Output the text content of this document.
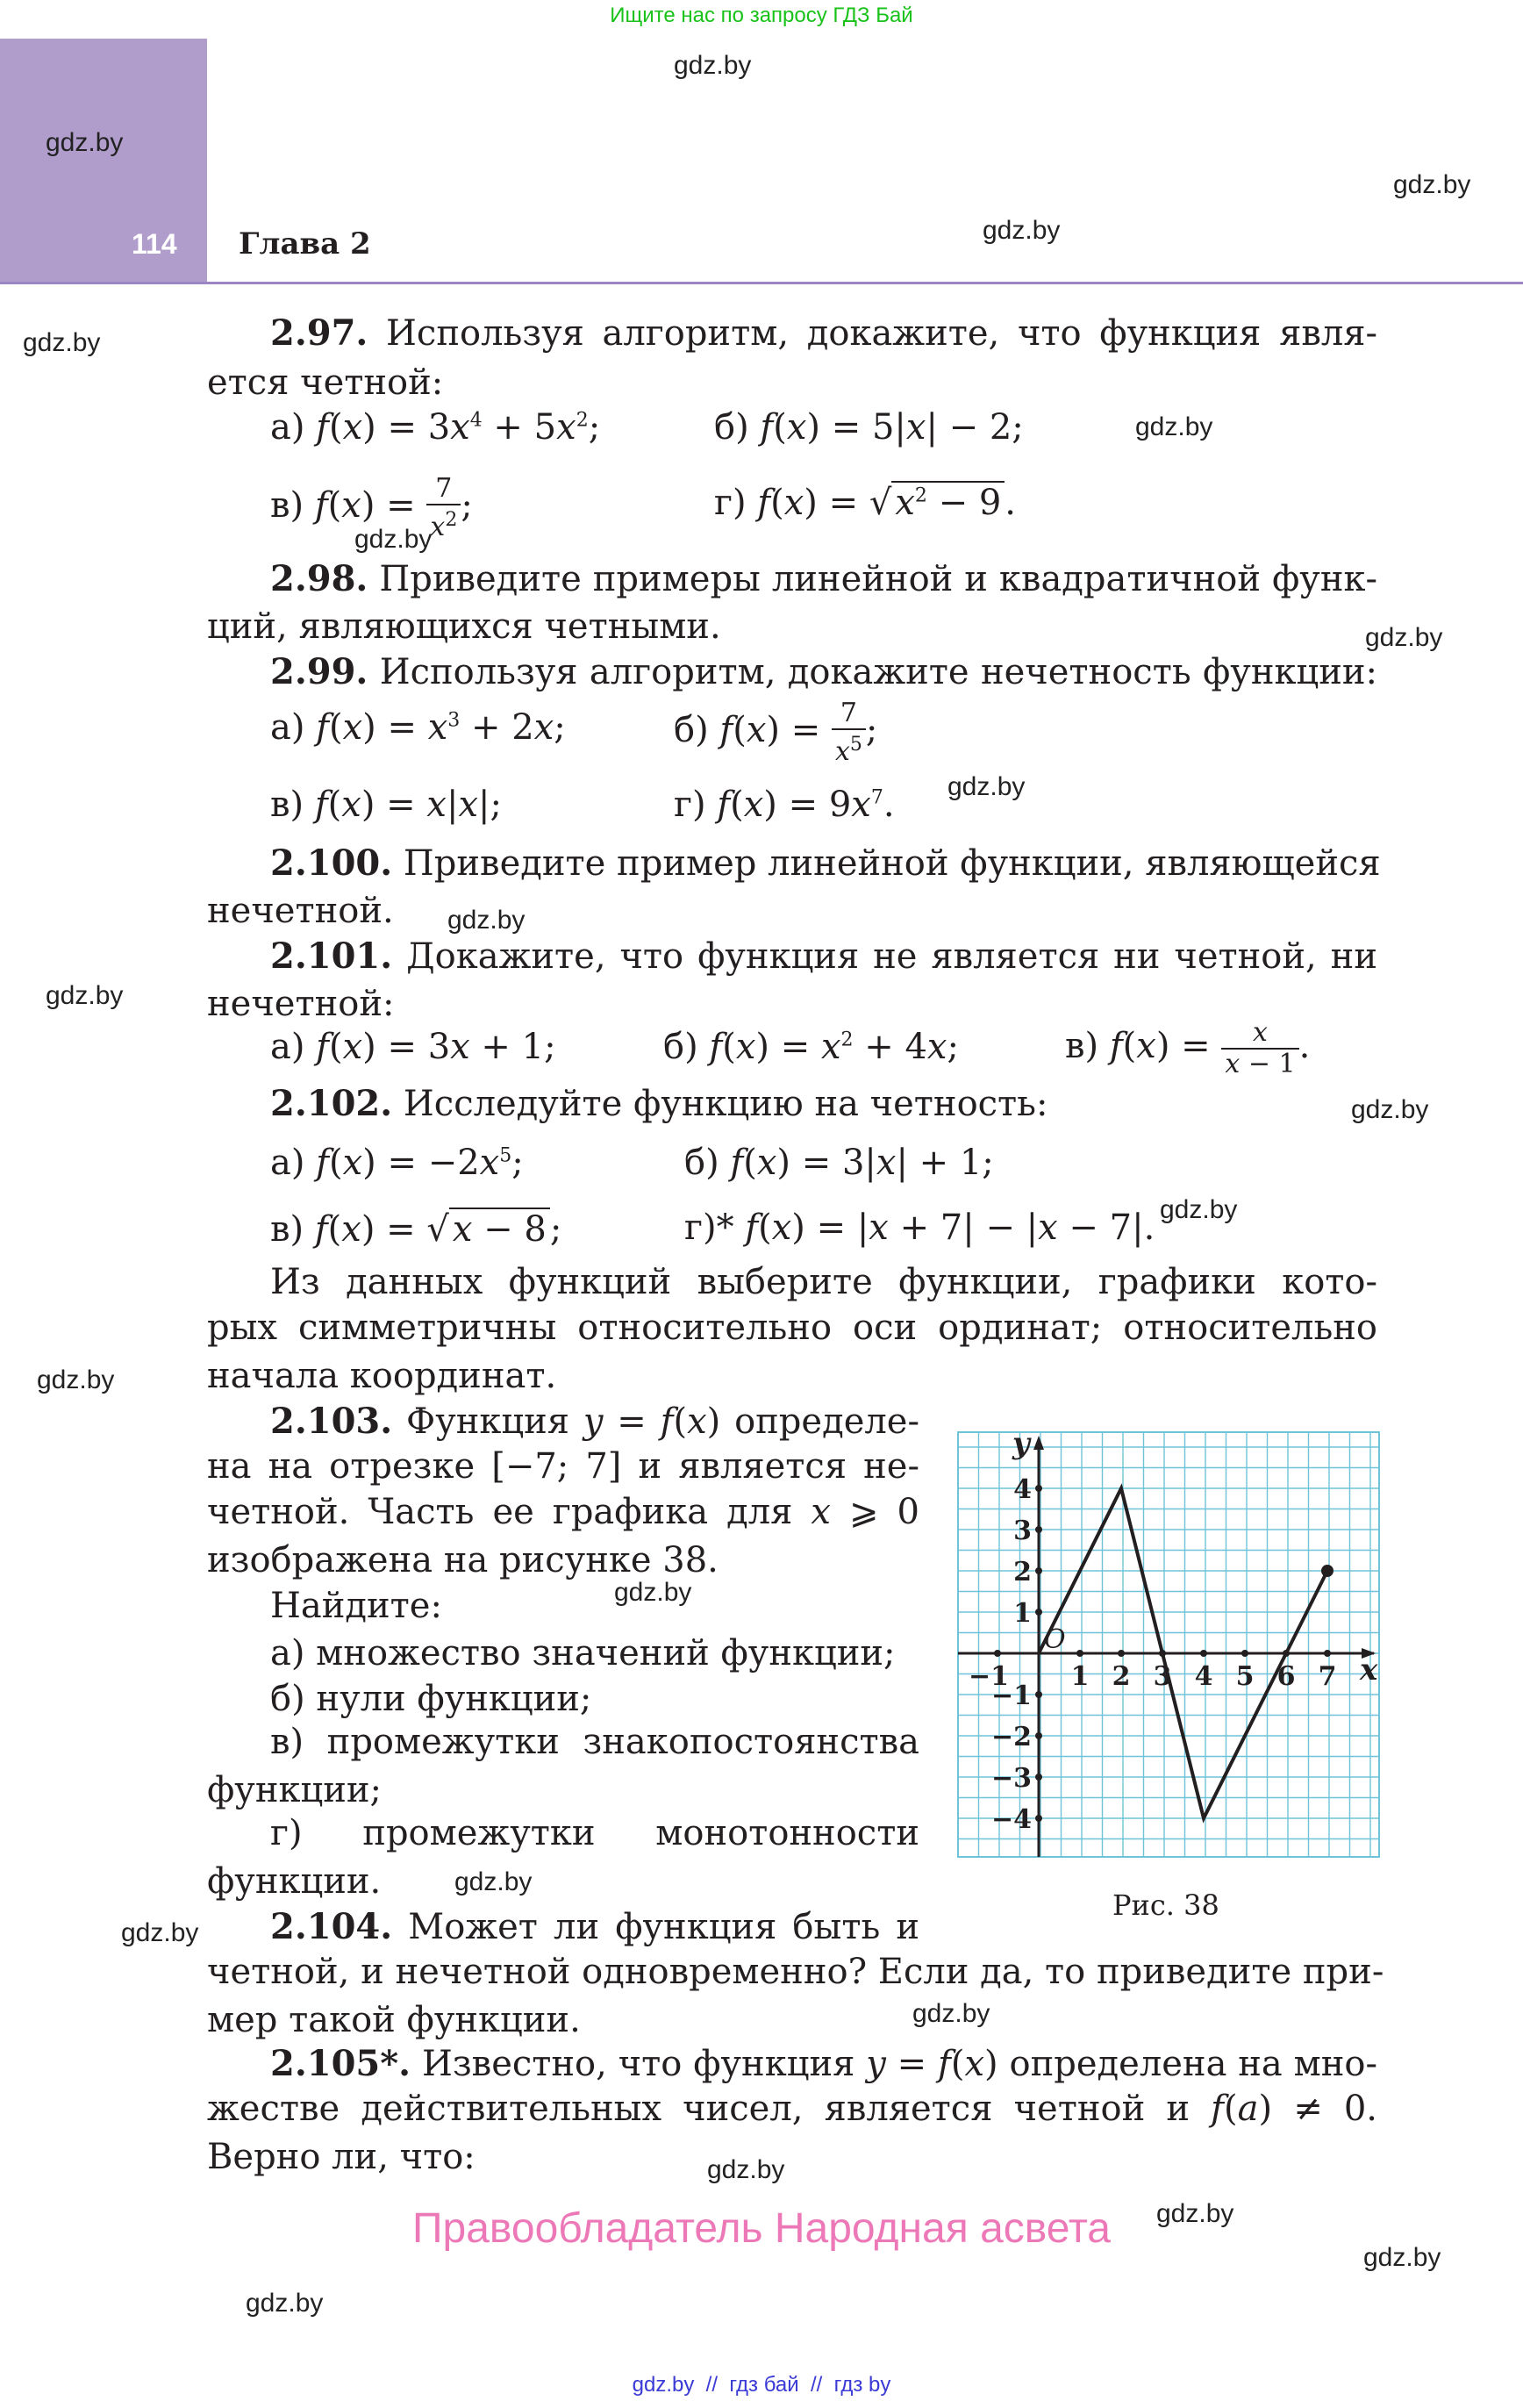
Ищите нас по запросу ГДЗ Бай
114 Глава 2
gdz.by
gdz.by
gdz.by
gdz.by
gdz.by
gdz.by
gdz.by
gdz.by
gdz.by
gdz.by
gdz.by
gdz.by
gdz.by
gdz.by
gdz.by
gdz.by
gdz.by
gdz.by
gdz.by
gdz.by
gdz.by
gdz.by
2.97. Используя алгоритм, докажите, что функция явля-
ется четной:
а) $f(x) = 3x^4 + 5x^2$;	б) f(x) = 5|x| − 2;
в) $f(x) = \frac{7}{x^2}$ ;	г) f(x) = √ $x^2 - 9$ .
2.98. Приведите примеры линейной и квадратичной функ-
ций, являющихся четными.
2.99. Используя алгоритм, докажите нечетность функции:
а) $f(x) = x^3 + 2x$;	б) $f(x) = \frac{7}{x^5}$ ;
в) f(x) = x|x|;	г) $f(x) = 9x^7$.
2.100. Приведите пример линейной функции, являющейся
нечетной.
2.101. Докажите, что функция не является ни четной, ни
нечетной:
а) f(x) = 3x + 1;	б) $f(x) = x^2 + 4x$;	в) $f(x) = \frac{x}{x - 1}$ .
2.102. Исследуйте функцию на четность:
а) $f(x) = -2x^5$;	б) f(x) = 3|x| + 1;
в) f(x) = √ x − 8 ;	г)* f(x) = |x + 7| − |x − 7|.
Из данных функций выберите функции, графики кото-
рых симметричны относительно оси ординат; относительно
начала координат.
2.103. Функция y = f(x) определе-
на на отрезке [−7; 7] и является не-
четной. Часть ее графика для x ⩾ 0
изображена на рисунке 38.
Найдите:
а) множество значений функции;
б) нули функции;
в) промежутки знакопостоянства
функции;
г) промежутки монотонности
функции.
x
y
O
−1 1 2 3 4 5 6 7
4
3
2
1
−1
−2
−3
−4
Рис. 38
2.104. Может ли функция быть и
четной, и нечетной одновременно? Если да, то приведите при-
мер такой функции.
2.105*. Известно, что функция y = f(x) определена на мно-
жестве действительных чисел, является четной и f(a) ≠ 0.
Верно ли, что:
Правообладатель Народная асвета
gdz.by  //  гдз бай  //  гдз by
